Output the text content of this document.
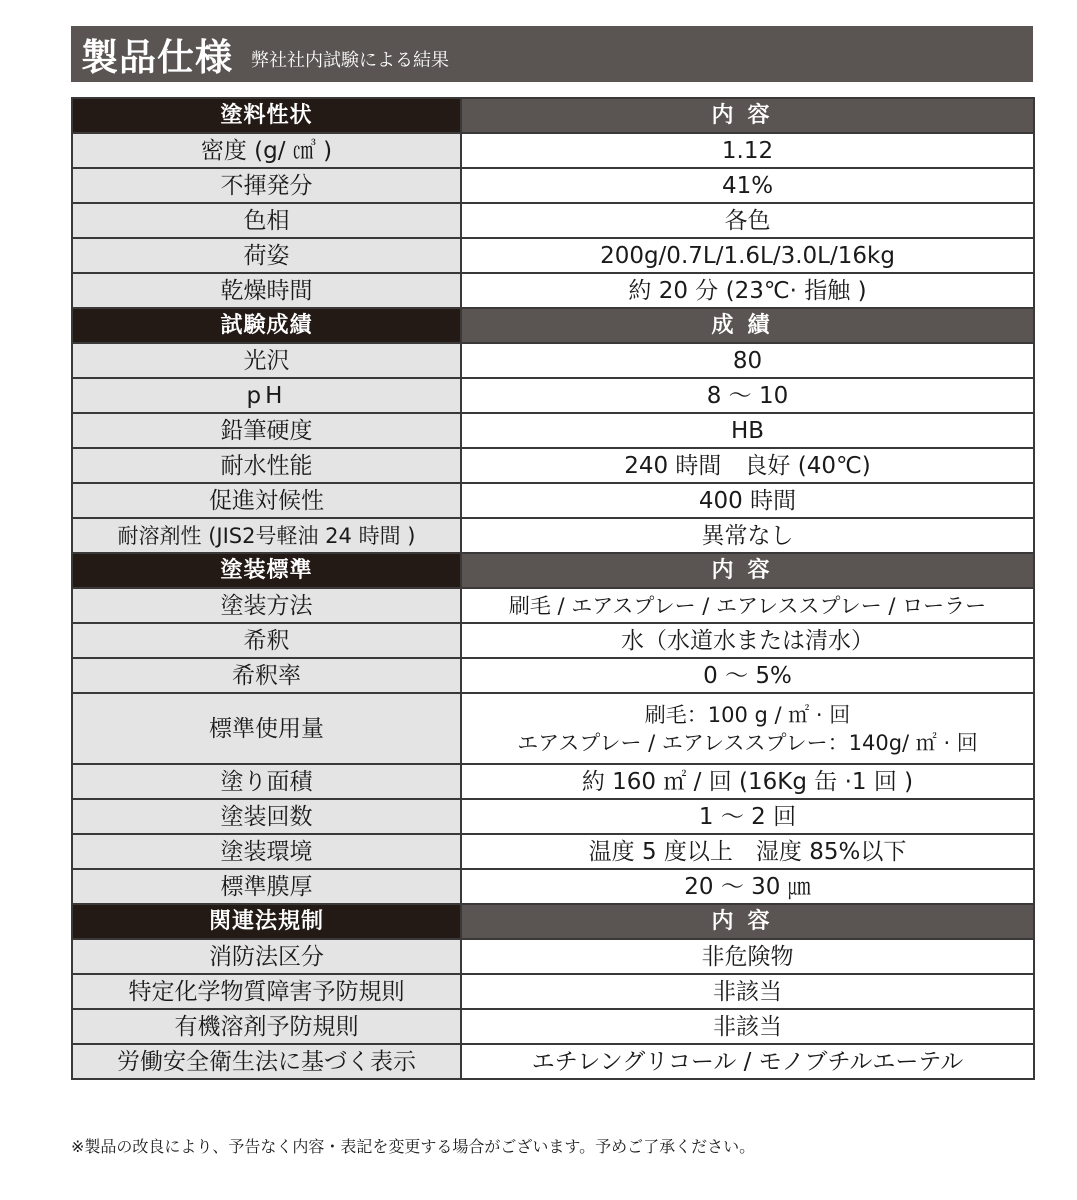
製品仕様 弊社社内試験による結果
塗料性状	内容
密度 (g/ ㎤ )	1.12
不揮発分	41%
色相	各色
荷姿	200g/0.7L/1.6L/3.0L/16kg
乾燥時間	約 20 分 (23℃· 指触 )
試験成績	成績
光沢	80
pH	8 〜 10
鉛筆硬度	HB
耐水性能	240 時間　良好 (40℃)
促進対候性	400 時間
耐溶剤性 (JIS2号軽油 24 時間 )	異常なし
塗装標準	内容
塗装方法	刷毛 / エアスプレー / エアレススプレー / ローラー
希釈	水（水道水または清水）
希釈率	0 〜 5%
標準使用量	刷毛：100 g / ㎡ · 回
エアスプレー / エアレススプレー：140g/ ㎡ · 回

塗り面積	約 160 ㎡ / 回 (16Kg 缶 ·1 回 )
塗装回数	1 〜 2 回
塗装環境	温度 5 度以上　湿度 85%以下
標準膜厚	20 〜 30 ㎛
関連法規制	内容
消防法区分	非危険物
特定化学物質障害予防規則	非該当
有機溶剤予防規則	非該当
労働安全衛生法に基づく表示	エチレングリコール / モノブチルエーテル
※製品の改良により、予告なく内容・表記を変更する場合がございます。予めご了承ください。
